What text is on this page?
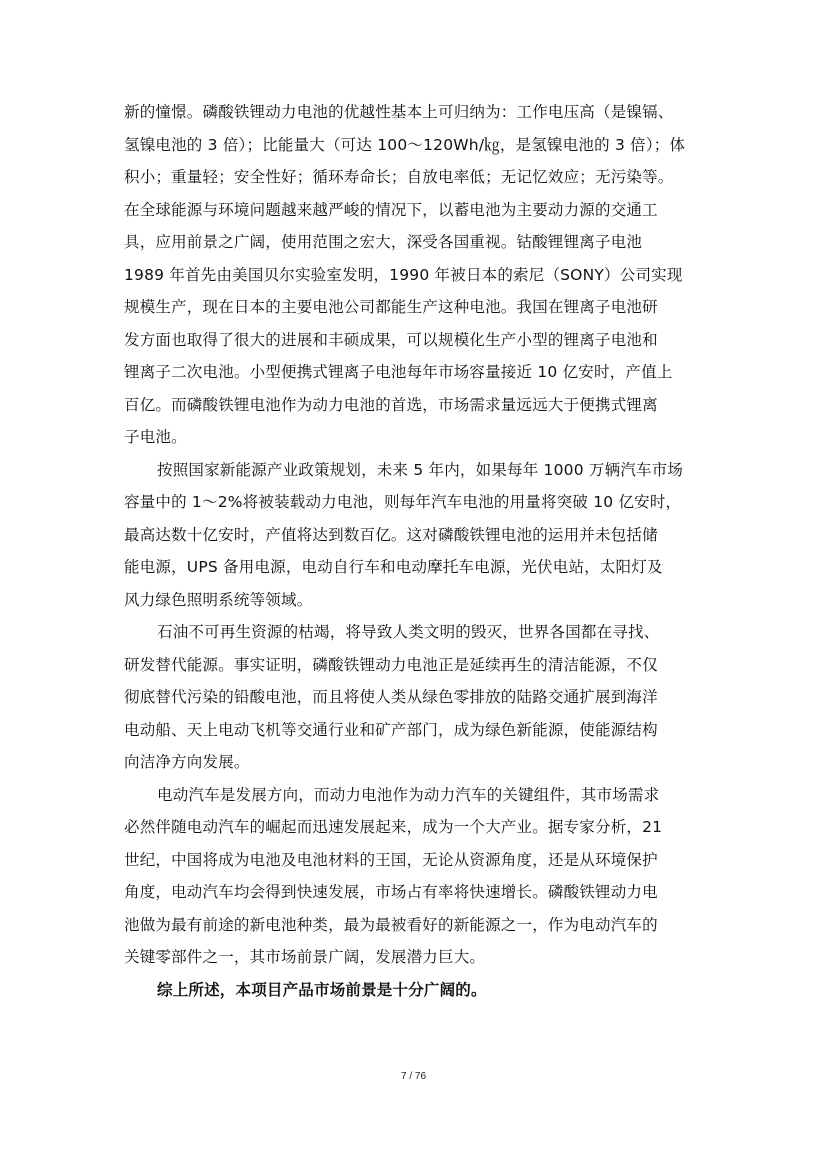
新的憧憬。磷酸铁锂动力电池的优越性基本上可归纳为：工作电压高（是镍镉、
氢镍电池的 3 倍）；比能量大（可达 100～120Wh/㎏，是氢镍电池的 3 倍）；体
积小；重量轻；安全性好；循环寿命长；自放电率低；无记忆效应；无污染等。
在全球能源与环境问题越来越严峻的情况下，以蓄电池为主要动力源的交通工
具，应用前景之广阔，使用范围之宏大，深受各国重视。钴酸锂锂离子电池
1989 年首先由美国贝尔实验室发明，1990 年被日本的索尼（SONY）公司实现
规模生产，现在日本的主要电池公司都能生产这种电池。我国在锂离子电池研
发方面也取得了很大的进展和丰硕成果，可以规模化生产小型的锂离子电池和
锂离子二次电池。小型便携式锂离子电池每年市场容量接近 10 亿安时，产值上
百亿。而磷酸铁锂电池作为动力电池的首选，市场需求量远远大于便携式锂离
子电池。
按照国家新能源产业政策规划，未来 5 年内，如果每年 1000 万辆汽车市场
容量中的 1～2%将被装载动力电池，则每年汽车电池的用量将突破 10 亿安时，
最高达数十亿安时，产值将达到数百亿。这对磷酸铁锂电池的运用并未包括储
能电源，UPS 备用电源，电动自行车和电动摩托车电源，光伏电站，太阳灯及
风力绿色照明系统等领域。
石油不可再生资源的枯竭，将导致人类文明的毁灭，世界各国都在寻找、
研发替代能源。事实证明，磷酸铁锂动力电池正是延续再生的清洁能源，不仅
彻底替代污染的铅酸电池，而且将使人类从绿色零排放的陆路交通扩展到海洋
电动船、天上电动飞机等交通行业和矿产部门，成为绿色新能源，使能源结构
向洁净方向发展。
电动汽车是发展方向，而动力电池作为动力汽车的关键组件，其市场需求
必然伴随电动汽车的崛起而迅速发展起来，成为一个大产业。据专家分析，21
世纪，中国将成为电池及电池材料的王国，无论从资源角度，还是从环境保护
角度，电动汽车均会得到快速发展，市场占有率将快速增长。磷酸铁锂动力电
池做为最有前途的新电池种类，最为最被看好的新能源之一，作为电动汽车的
关键零部件之一，其市场前景广阔，发展潜力巨大。
综上所述，本项目产品市场前景是十分广阔的。
7 / 76
